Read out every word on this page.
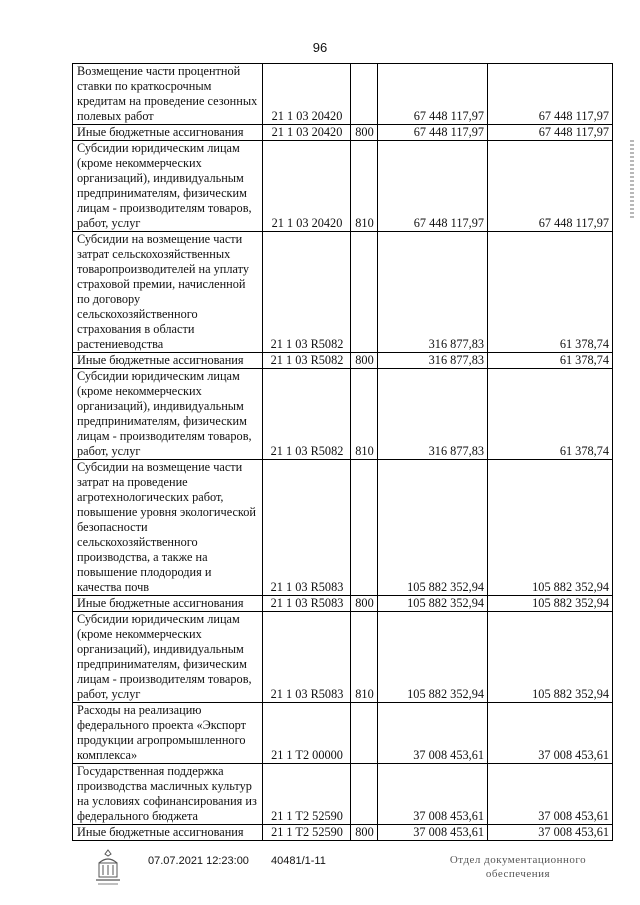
96
Возмещение части процентной ставки по краткосрочным кредитам на проведение сезонных полевых работ	21 1 03 20420		67 448 117,97	67 448 117,97
Иные бюджетные ассигнования	21 1 03 20420	800	67 448 117,97	67 448 117,97
Субсидии юридическим лицам (кроме некоммерческих организаций), индивидуальным предпринимателям, физическим лицам - производителям товаров, работ, услуг	21 1 03 20420	810	67 448 117,97	67 448 117,97
Субсидии на возмещение части затрат сельскохозяйственных товаропроизводителей на уплату страховой премии, начисленной по договору сельскохозяйственного страхования в области растениеводства	21 1 03 R5082		316 877,83	61 378,74
Иные бюджетные ассигнования	21 1 03 R5082	800	316 877,83	61 378,74
Субсидии юридическим лицам (кроме некоммерческих организаций), индивидуальным предпринимателям, физическим лицам - производителям товаров, работ, услуг	21 1 03 R5082	810	316 877,83	61 378,74
Субсидии на возмещение части затрат на проведение агротехнологических работ, повышение уровня экологической безопасности сельскохозяйственного производства, а также на повышение плодородия и качества почв	21 1 03 R5083		105 882 352,94	105 882 352,94
Иные бюджетные ассигнования	21 1 03 R5083	800	105 882 352,94	105 882 352,94
Субсидии юридическим лицам (кроме некоммерческих организаций), индивидуальным предпринимателям, физическим лицам - производителям товаров, работ, услуг	21 1 03 R5083	810	105 882 352,94	105 882 352,94
Расходы на реализацию федерального проекта «Экспорт продукции агропромышленного комплекса»	21 1 T2 00000		37 008 453,61	37 008 453,61
Государственная поддержка производства масличных культур на условиях софинансирования из федерального бюджета	21 1 T2 52590		37 008 453,61	37 008 453,61
Иные бюджетные ассигнования	21 1 T2 52590	800	37 008 453,61	37 008 453,61
07.07.2021 12:23:00 40481/1-11	Отдел документационного
обеспечения
